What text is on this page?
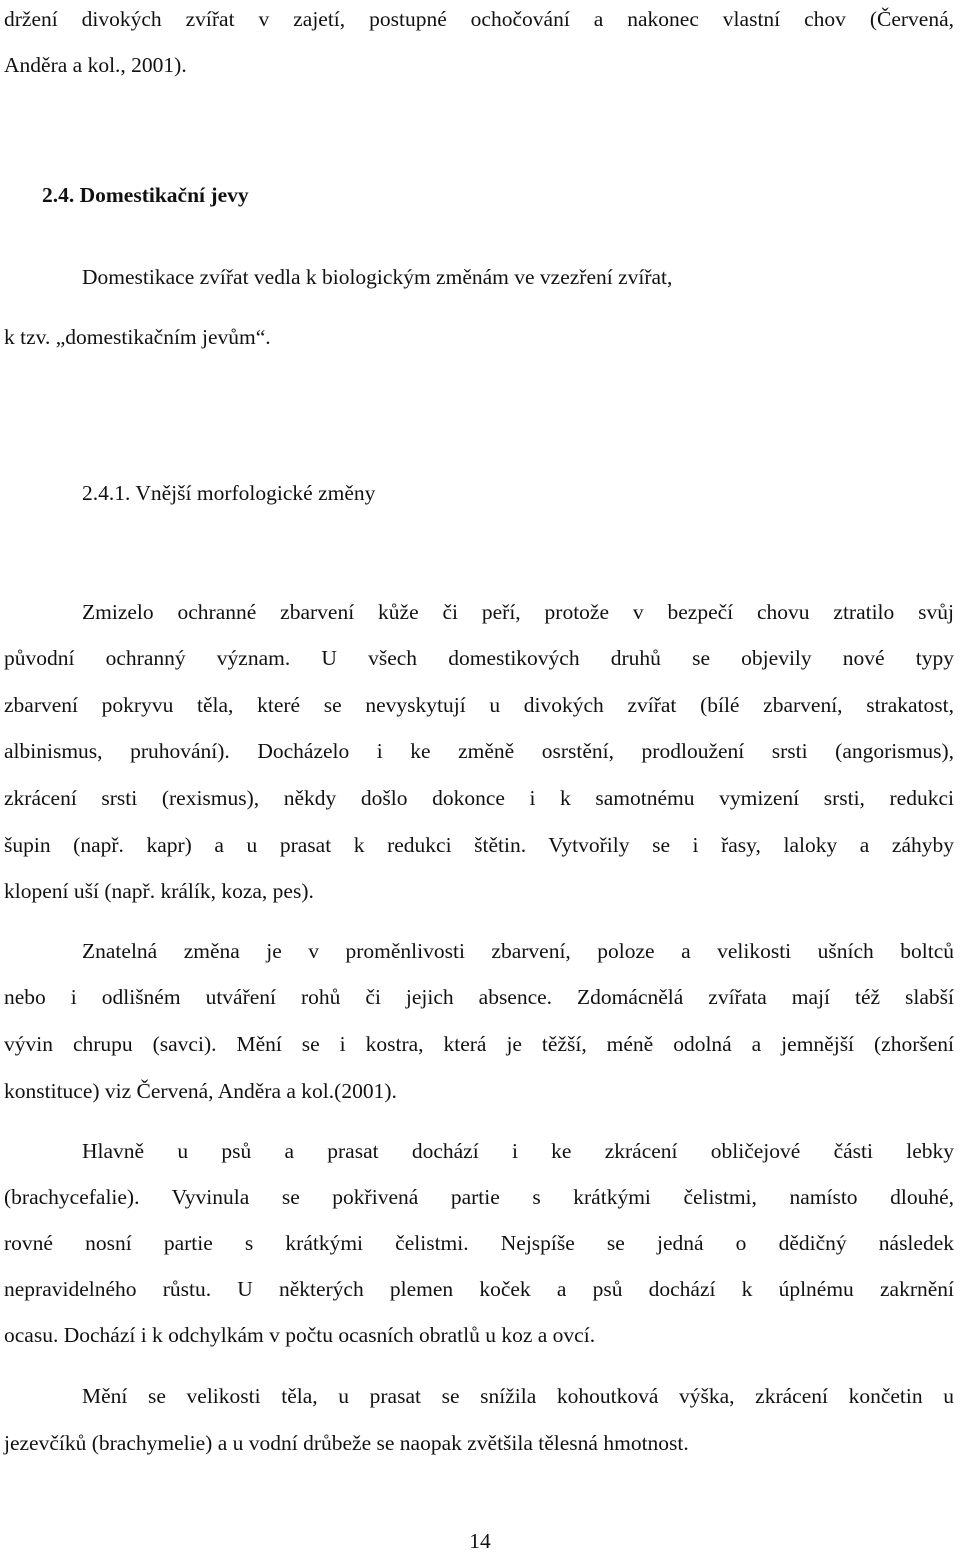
držení divokých zvířat v zajetí, postupné ochočování a nakonec vlastní chov (Červená,
Anděra a kol., 2001).
2.4. Domestikační jevy
Domestikace zvířat vedla k biologickým změnám ve vzezření zvířat,
k tzv. „domestikačním jevům“.
2.4.1. Vnější morfologické změny
Zmizelo ochranné zbarvení kůže či peří, protože v bezpečí chovu ztratilo svůj
původní ochranný význam. U všech domestikových druhů se objevily nové typy
zbarvení pokryvu těla, které se nevyskytují u divokých zvířat (bílé zbarvení, strakatost,
albinismus, pruhování). Docházelo i ke změně osrstění, prodloužení srsti (angorismus),
zkrácení srsti (rexismus), někdy došlo dokonce i k samotnému vymizení srsti, redukci
šupin (např. kapr) a u prasat k redukci štětin. Vytvořily se i řasy, laloky a záhyby
klopení uší (např. králík, koza, pes).
Znatelná změna je v proměnlivosti zbarvení, poloze a velikosti ušních boltců
nebo i odlišném utváření rohů či jejich absence. Zdomácnělá zvířata mají též slabší
vývin chrupu (savci). Mění se i kostra, která je těžší, méně odolná a jemnější (zhoršení
konstituce) viz Červená, Anděra a kol.(2001).
Hlavně u psů a prasat dochází i ke zkrácení obličejové části lebky
(brachycefalie). Vyvinula se pokřivená partie s krátkými čelistmi, namísto dlouhé,
rovné nosní partie s krátkými čelistmi. Nejspíše se jedná o dědičný následek
nepravidelného růstu. U některých plemen koček a psů dochází k úplnému zakrnění
ocasu. Dochází i k odchylkám v počtu ocasních obratlů u koz a ovcí.
Mění se velikosti těla, u prasat se snížila kohoutková výška, zkrácení končetin u
jezevčíků (brachymelie) a u vodní drůbeže se naopak zvětšila tělesná hmotnost.
14
